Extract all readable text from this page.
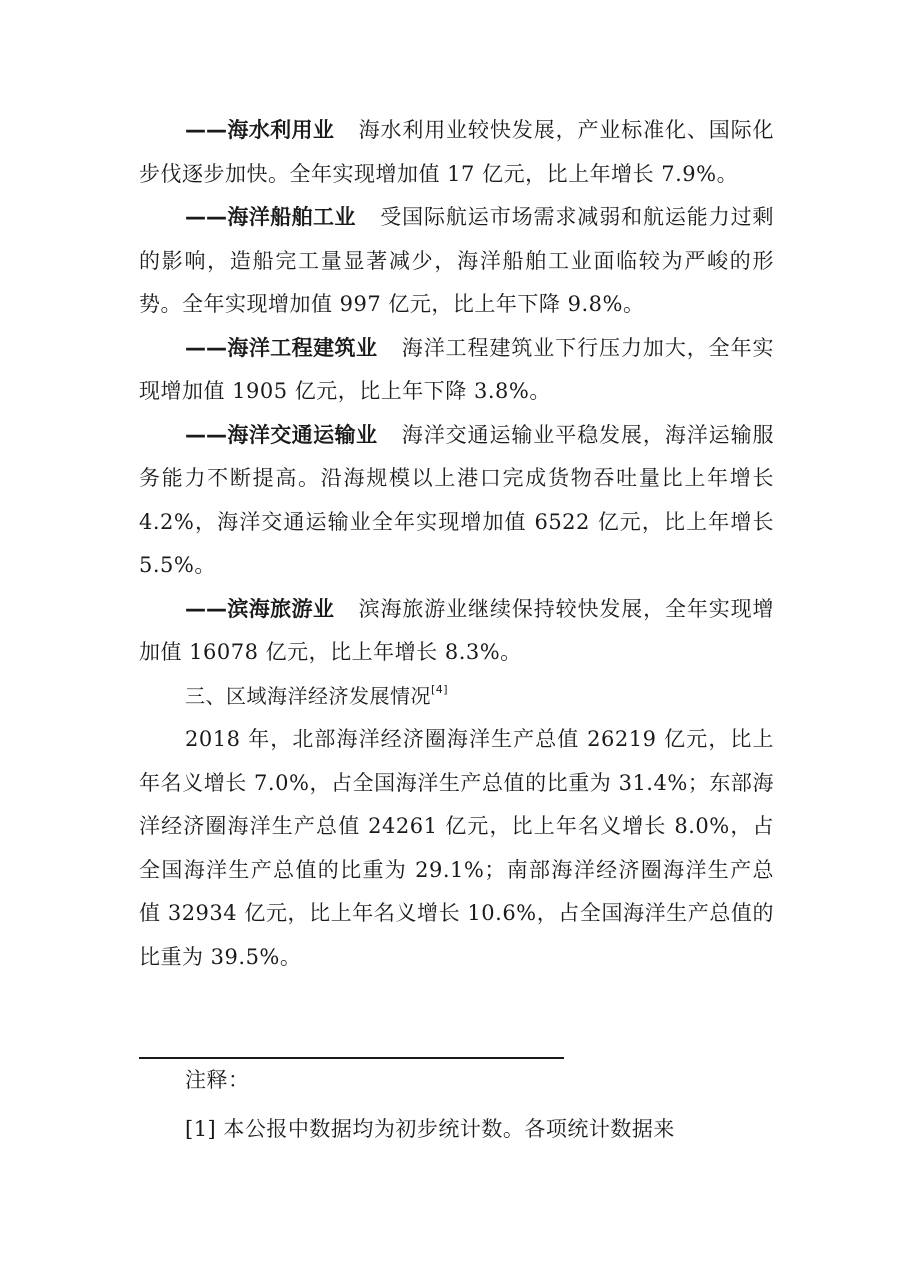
——海水利用业 海水利用业较快发展，产业标准化、国际化步伐逐步加快。全年实现增加值 17 亿元，比上年增长 7.9%。

——海洋船舶工业 受国际航运市场需求减弱和航运能力过剩的影响，造船完工量显著减少，海洋船舶工业面临较为严峻的形势。全年实现增加值 997 亿元，比上年下降 9.8%。

——海洋工程建筑业 海洋工程建筑业下行压力加大，全年实现增加值 1905 亿元，比上年下降 3.8%。

——海洋交通运输业 海洋交通运输业平稳发展，海洋运输服务能力不断提高。沿海规模以上港口完成货物吞吐量比上年增长 4.2%，海洋交通运输业全年实现增加值 6522 亿元，比上年增长 5.5%。

——滨海旅游业 滨海旅游业继续保持较快发展，全年实现增加值 16078 亿元，比上年增长 8.3%。

三、区域海洋经济发展情况[4]

2018 年，北部海洋经济圈海洋生产总值 26219 亿元，比上年名义增长 7.0%，占全国海洋生产总值的比重为 31.4%；东部海洋经济圈海洋生产总值 24261 亿元，比上年名义增长 8.0%，占全国海洋生产总值的比重为 29.1%；南部海洋经济圈海洋生产总值 32934 亿元，比上年名义增长 10.6%，占全国海洋生产总值的比重为 39.5%。

注释：

[1] 本公报中数据均为初步统计数。各项统计数据来
